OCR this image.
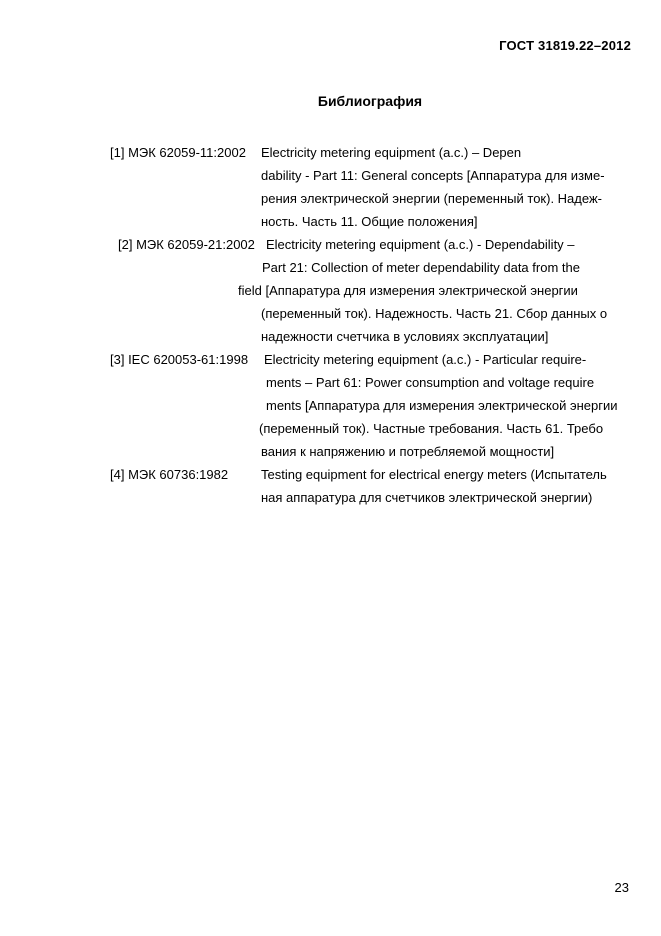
ГОСТ 31819.22–2012
Библиография
[1] МЭК 62059-11:2002 Electricity metering equipment (a.c.) – Depen
dability - Part 11: General concepts [Аппаратура для изме-
рения электрической энергии (переменный ток). Надеж-
ность. Часть 11. Общие положения]
[2] МЭК 62059-21:2002 Electricity metering equipment (a.c.) - Dependability –
Part 21: Collection of meter dependability data from the
field [Аппаратура для измерения электрической энергии
(переменный ток). Надежность. Часть 21. Сбор данных о
надежности счетчика в условиях эксплуатации]
[3] IEC 620053-61:1998 Electricity metering equipment (a.c.) - Particular require-
ments – Part 61: Power consumption and voltage require
ments [Аппаратура для измерения электрической энергии
(переменный ток). Частные требования. Часть 61. Требо
вания к напряжению и потребляемой мощности]
[4] МЭК 60736:1982	Testing equipment for electrical energy meters (Испытатель
ная аппаратура для счетчиков электрической энергии)
23
